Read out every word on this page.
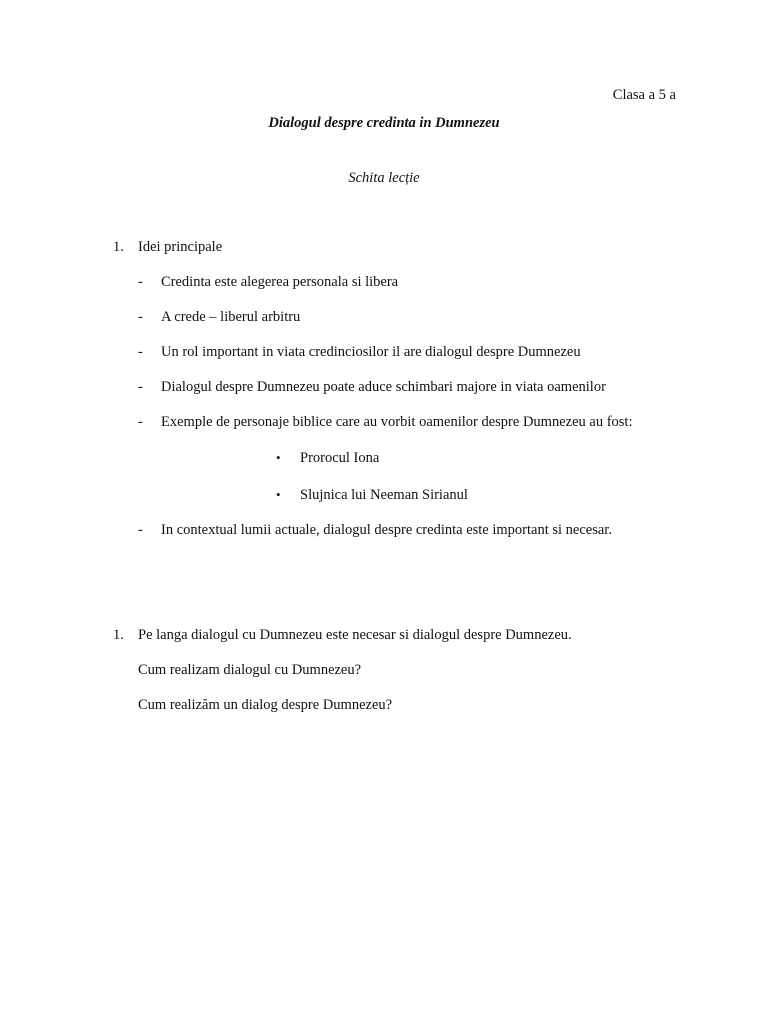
Clasa a 5 a
Dialogul despre credinta in Dumnezeu
Schita lecție
1. Idei principale
- Credinta este alegerea personala si libera
- A crede – liberul arbitru
- Un rol important in viata credinciosilor il are dialogul despre Dumnezeu
- Dialogul despre Dumnezeu poate aduce schimbari majore in viata oamenilor
- Exemple de personaje biblice care au vorbit oamenilor despre Dumnezeu au fost:
• Prorocul Iona
• Slujnica lui Neeman Sirianul
- In contextual lumii actuale, dialogul despre credinta este important si necesar.
1. Pe langa dialogul cu Dumnezeu este necesar si dialogul despre Dumnezeu.
Cum realizam dialogul cu Dumnezeu?
Cum realizăm un dialog despre Dumnezeu?
